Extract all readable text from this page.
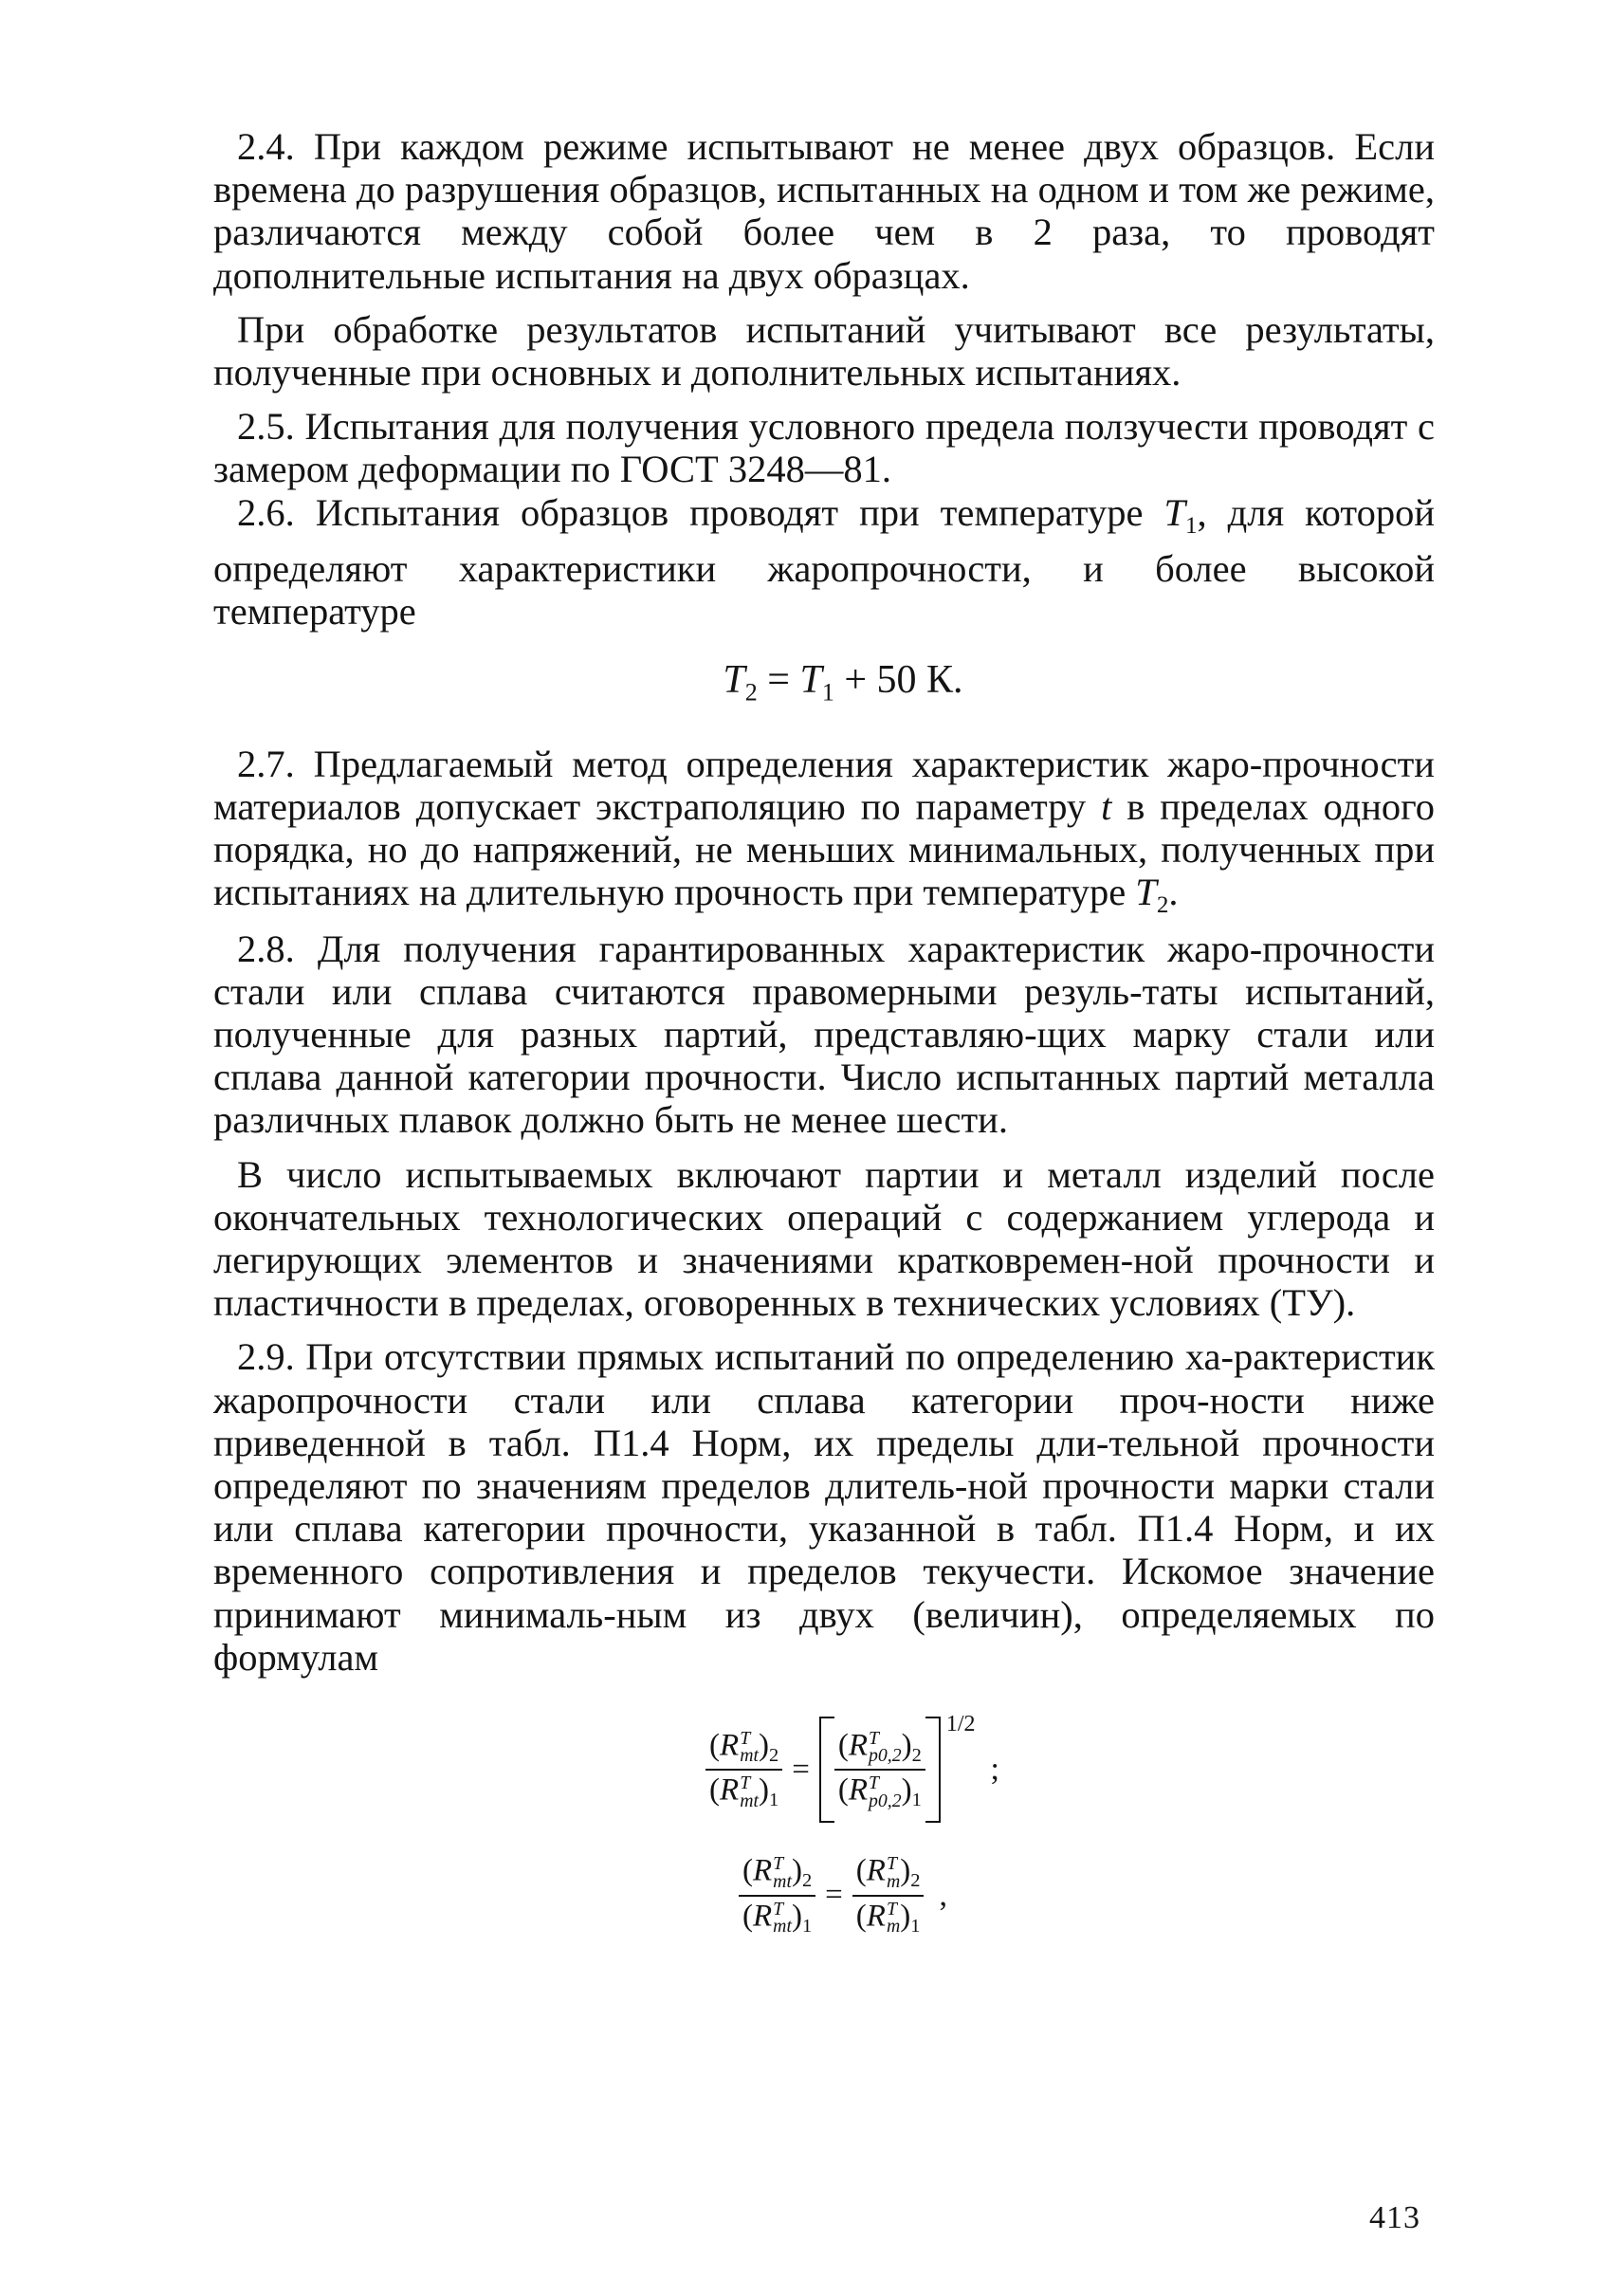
2.4. При каждом режиме испытывают не менее двух образцов. Если времена до разрушения образцов, испытанных на одном и том же режиме, различаются между собой более чем в 2 раза, то проводят дополнительные испытания на двух образцах.

При обработке результатов испытаний учитывают все результаты, полученные при основных и дополнительных испытаниях.

2.5. Испытания для получения условного предела ползучести проводят с замером деформации по ГОСТ 3248—81.

2.6. Испытания образцов проводят при температуре $T_1$, для которой определяют характеристики жаропрочности, и более высокой температуре

$T_2 = T_1 + 50$ К.

2.7. Предлагаемый метод определения характеристик жаро-прочности материалов допускает экстраполяцию по параметру t в пределах одного порядка, но до напряжений, не меньших минимальных, полученных при испытаниях на длительную прочность при температуре $T_2$.

2.8. Для получения гарантированных характеристик жаро-прочности стали или сплава считаются правомерными резуль-таты испытаний, полученные для разных партий, представляю-щих марку стали или сплава данной категории прочности. Число испытанных партий металла различных плавок должно быть не менее шести.

В число испытываемых включают партии и металл изделий после окончательных технологических операций с содержанием углерода и легирующих элементов и значениями кратковремен-ной прочности и пластичности в пределах, оговоренных в технических условиях (ТУ).

2.9. При отсутствии прямых испытаний по определению ха-рактеристик жаропрочности стали или сплава категории проч-ности ниже приведенной в табл. П1.4 Норм, их пределы дли-тельной прочности определяют по значениям пределов длитель-ной прочности марки стали или сплава категории прочности, указанной в табл. П1.4 Норм, и их временного сопротивления и пределов текучести. Искомое значение принимают минималь-ным из двух (величин), определяемых по формулам

(R T
mt )$_2$
(R T
mt )$_1 = (R$ T
p0,2 )$_2$
(R T
p0,2 )$_1$
1/2
;
(R T
mt )$_2$
(R T
mt )$_1 = (R$ T
m )$_2$
(R T
m )$_1$ ,
413
